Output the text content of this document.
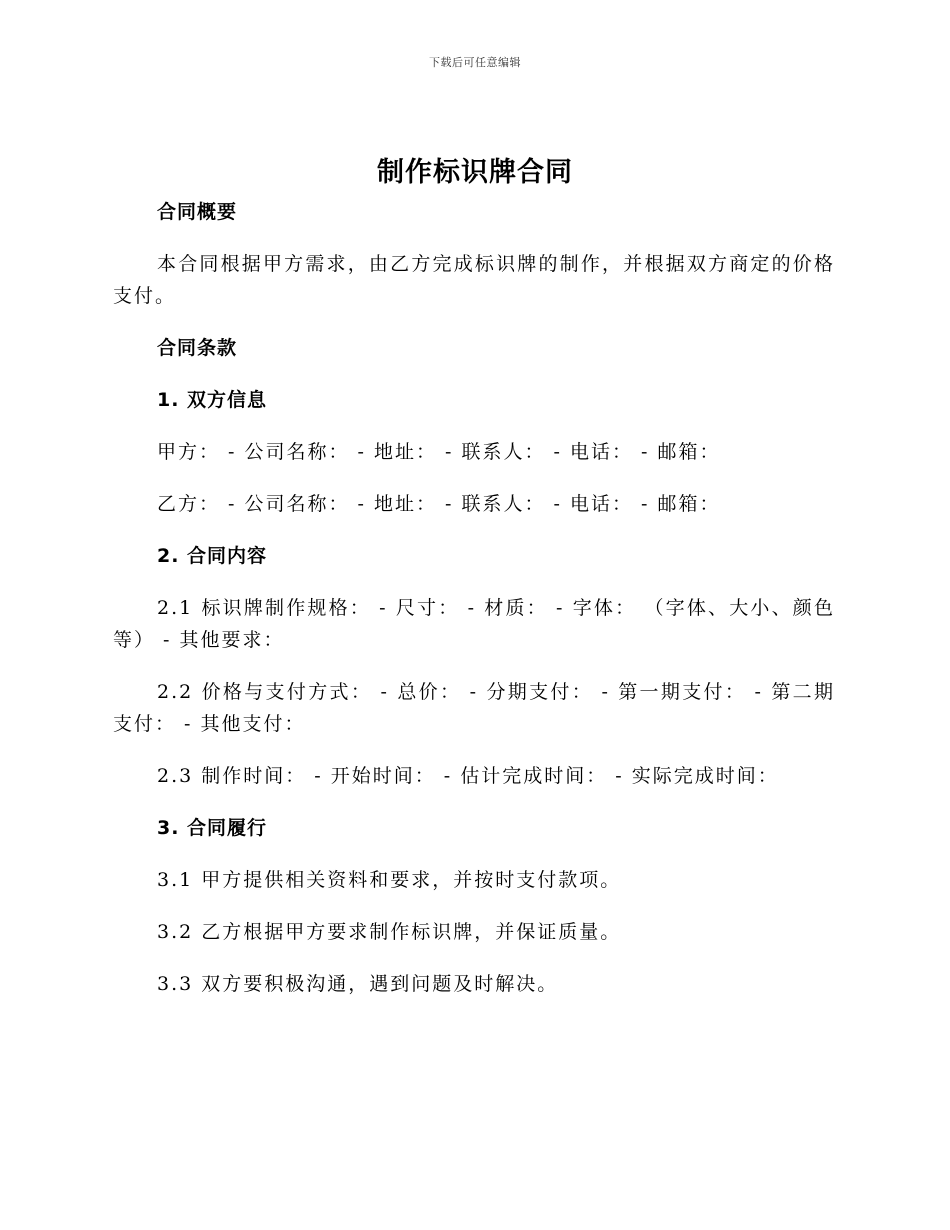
下载后可任意编辑
制作标识牌合同
合同概要
本合同根据甲方需求，由乙方完成标识牌的制作，并根据双方商定的价格支付。
合同条款
1. 双方信息
甲方： - 公司名称： - 地址： - 联系人： - 电话： - 邮箱：
乙方： - 公司名称： - 地址： - 联系人： - 电话： - 邮箱：
2. 合同内容
2.1 标识牌制作规格： - 尺寸： - 材质： - 字体： （字体、大小、颜色等） - 其他要求：
2.2 价格与支付方式： - 总价： - 分期支付： - 第一期支付： - 第二期支付： - 其他支付：
2.3 制作时间： - 开始时间： - 估计完成时间： - 实际完成时间：
3. 合同履行
3.1 甲方提供相关资料和要求，并按时支付款项。
3.2 乙方根据甲方要求制作标识牌，并保证质量。
3.3 双方要积极沟通，遇到问题及时解决。
